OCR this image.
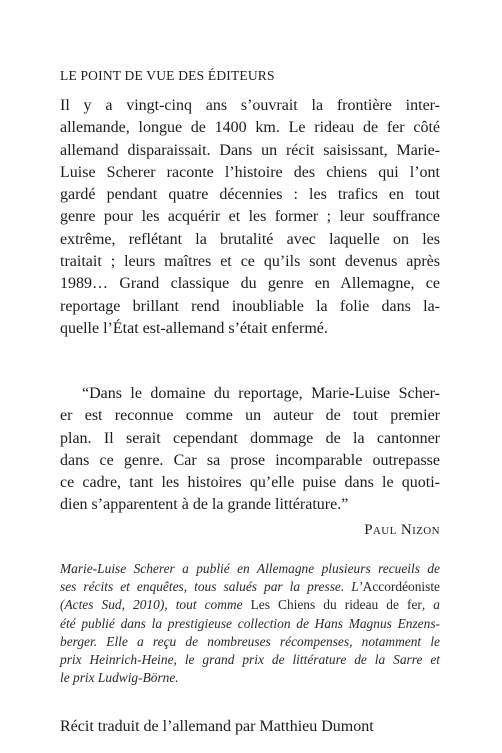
LE POINT DE VUE DES ÉDITEURS
Il y a vingt-cinq ans s’ouvrait la frontière inter-
allemande, longue de 1400 km. Le rideau de fer côté
allemand disparaissait. Dans un récit saisissant, Marie-
Luise Scherer raconte l’histoire des chiens qui l’ont
gardé pendant quatre décennies : les trafics en tout
genre pour les acquérir et les former ; leur souffrance
extrême, reflétant la brutalité avec laquelle on les
traitait ; leurs maîtres et ce qu’ils sont devenus après
1989… Grand classique du genre en Allemagne, ce
reportage brillant rend inoubliable la folie dans la-
quelle l’État est-allemand s’était enfermé.
“Dans le domaine du reportage, Marie-Luise Scher-
er est reconnue comme un auteur de tout premier
plan. Il serait cependant dommage de la cantonner
dans ce genre. Car sa prose incomparable outrepasse
ce cadre, tant les histoires qu’elle puise dans le quoti-
dien s’apparentent à de la grande littérature.”
Paul Nizon
Marie-Luise Scherer a publié en Allemagne plusieurs recueils de
ses récits et enquêtes, tous salués par la presse. L’Accordéoniste
(Actes Sud, 2010), tout comme Les Chiens du rideau de fer, a
été publié dans la prestigieuse collection de Hans Magnus Enzens-
berger. Elle a reçu de nombreuses récompenses, notamment le
prix Heinrich-Heine, le grand prix de littérature de la Sarre et
le prix Ludwig-Börne.
Récit traduit de l’allemand par Matthieu Dumont
